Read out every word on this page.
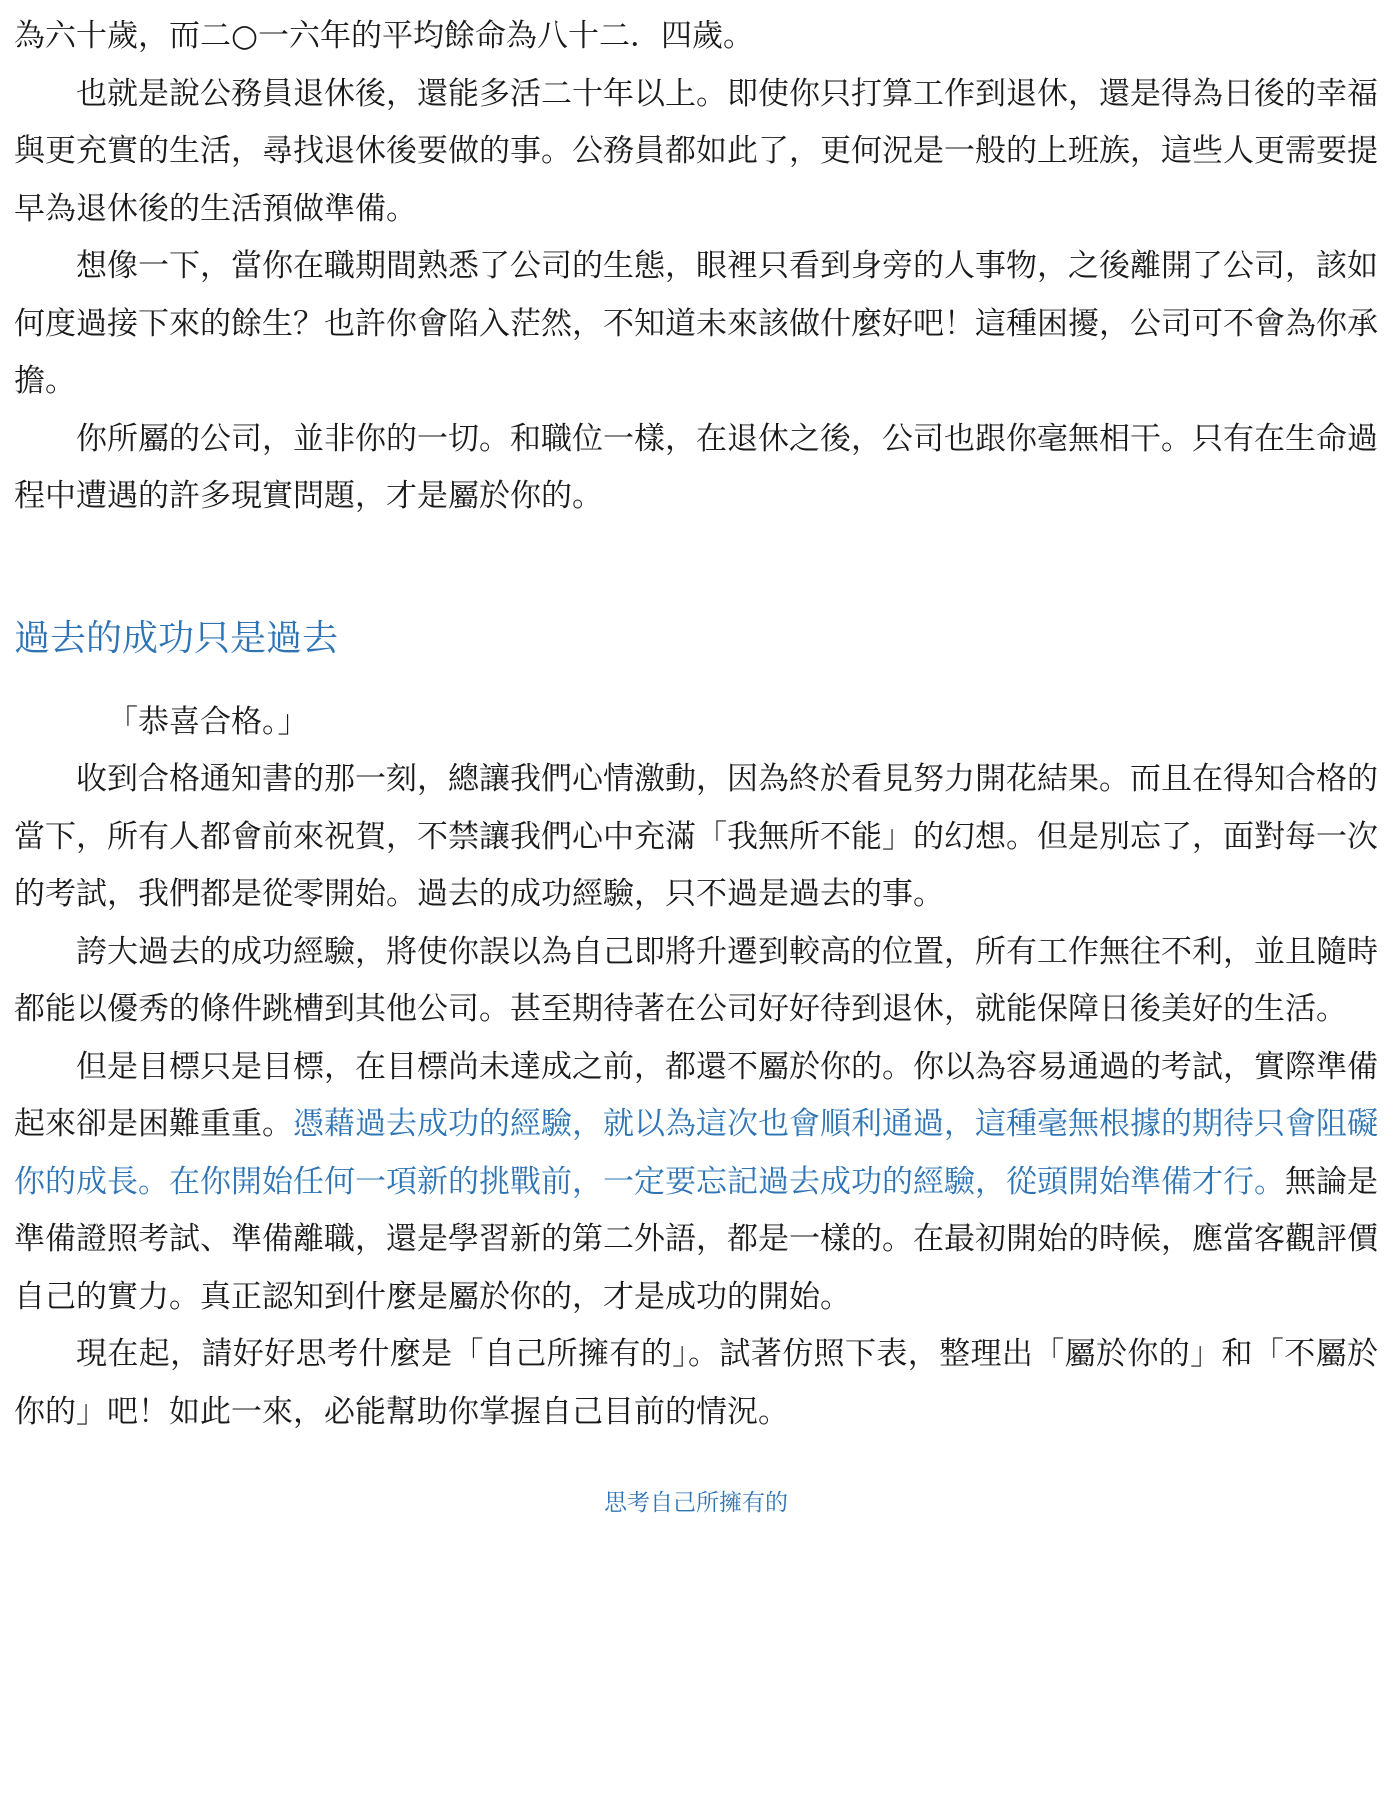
為六十歲，而二○一六年的平均餘命為八十二．四歲。

也就是說公務員退休後，還能多活二十年以上。即使你只打算工作到退休，還是得為日後的幸福與更充實的生活，尋找退休後要做的事。公務員都如此了，更何況是一般的上班族，這些人更需要提早為退休後的生活預做準備。

想像一下，當你在職期間熟悉了公司的生態，眼裡只看到身旁的人事物，之後離開了公司，該如何度過接下來的餘生？也許你會陷入茫然，不知道未來該做什麼好吧！這種困擾，公司可不會為你承擔。

你所屬的公司，並非你的一切。和職位一樣，在退休之後，公司也跟你毫無相干。只有在生命過程中遭遇的許多現實問題，才是屬於你的。

過去的成功只是過去

「恭喜合格。」

收到合格通知書的那一刻，總讓我們心情激動，因為終於看見努力開花結果。而且在得知合格的當下，所有人都會前來祝賀，不禁讓我們心中充滿「我無所不能」的幻想。但是別忘了，面對每一次的考試，我們都是從零開始。過去的成功經驗，只不過是過去的事。

誇大過去的成功經驗，將使你誤以為自己即將升遷到較高的位置，所有工作無往不利，並且隨時都能以優秀的條件跳槽到其他公司。甚至期待著在公司好好待到退休，就能保障日後美好的生活。

但是目標只是目標，在目標尚未達成之前，都還不屬於你的。你以為容易通過的考試，實際準備起來卻是困難重重。憑藉過去成功的經驗，就以為這次也會順利通過，這種毫無根據的期待只會阻礙你的成長。在你開始任何一項新的挑戰前，一定要忘記過去成功的經驗，從頭開始準備才行。無論是準備證照考試、準備離職，還是學習新的第二外語，都是一樣的。在最初開始的時候，應當客觀評價自己的實力。真正認知到什麼是屬於你的，才是成功的開始。

現在起，請好好思考什麼是「自己所擁有的」。試著仿照下表，整理出「屬於你的」和「不屬於你的」吧！如此一來，必能幫助你掌握自己目前的情況。

思考自己所擁有的
